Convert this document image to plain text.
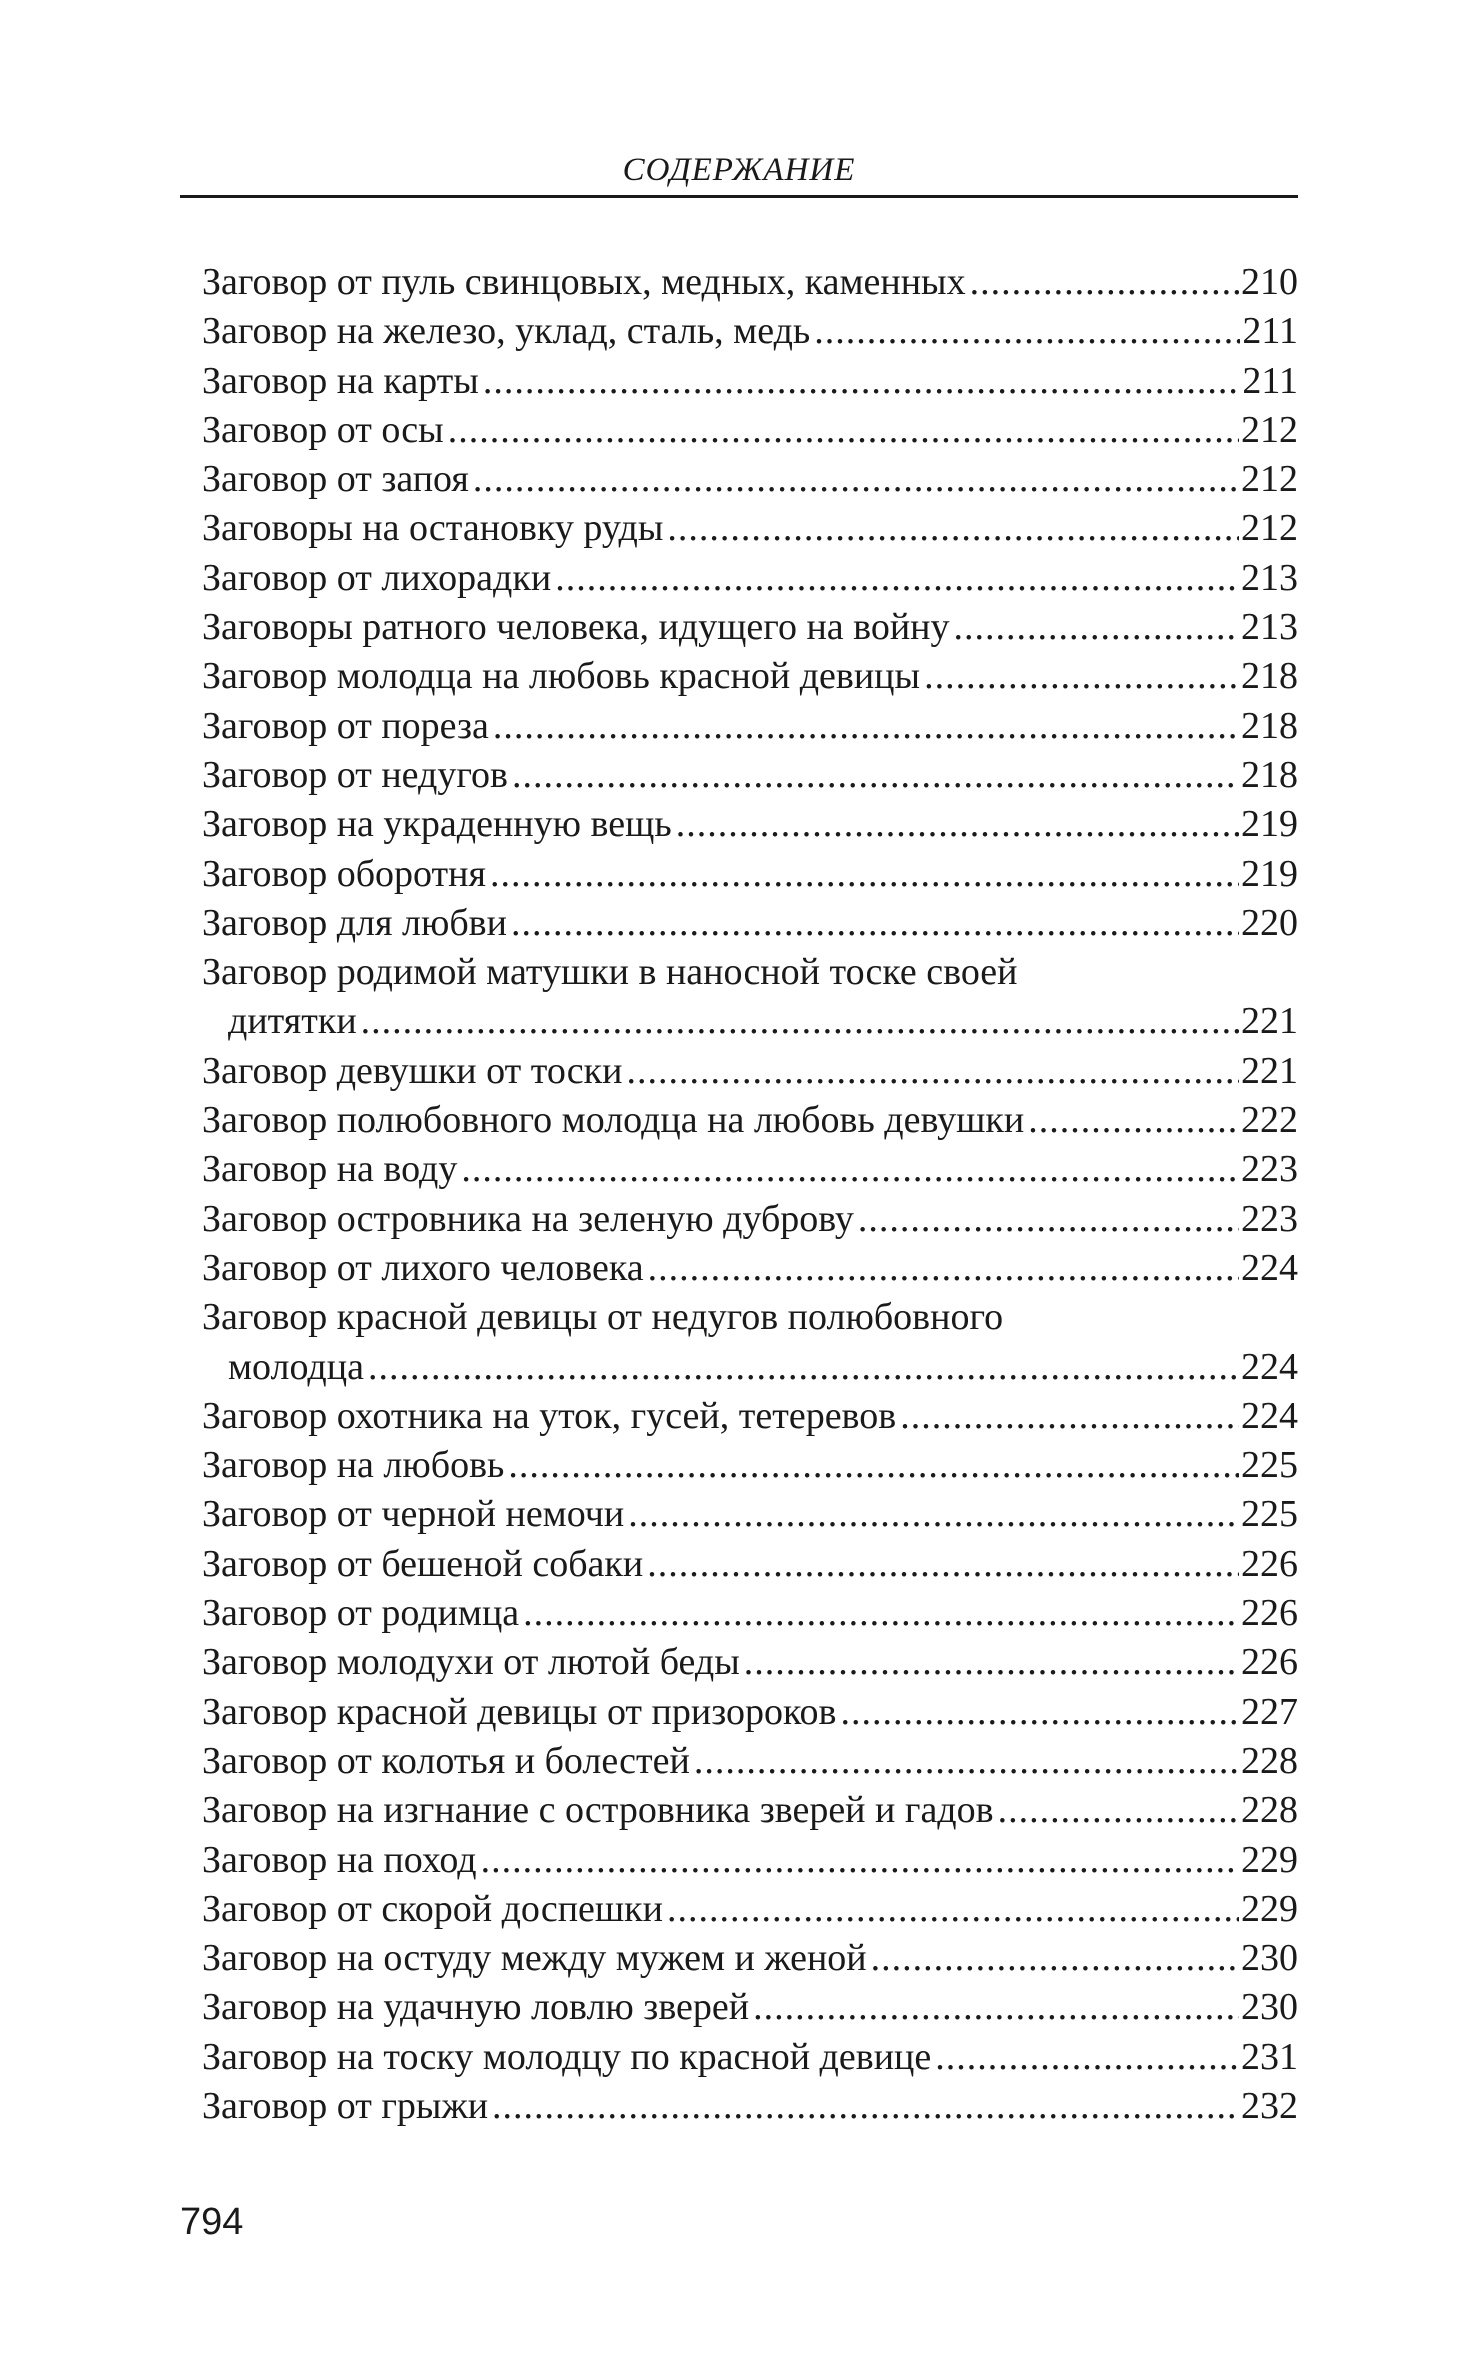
СОДЕРЖАНИЕ
Заговор от пуль свинцовых, медных, каменных .....	210
Заговор на железо, уклад, сталь, медь .....	211
Заговор на карты .....	211
Заговор от осы .....	212
Заговор от запоя .....	212
Заговоры на остановку руды .....	212
Заговор от лихорадки .....	213
Заговоры ратного человека, идущего на войну .....	213
Заговор молодца на любовь красной девицы .....	218
Заговор от пореза .....	218
Заговор от недугов .....	218
Заговор на украденную вещь .....	219
Заговор оборотня .....	219
Заговор для любви .....	220
Заговор родимой матушки в наносной тоске своей
дитятки .....	221
Заговор девушки от тоски .....	221
Заговор полюбовного молодца на любовь девушки .....	222
Заговор на воду .....	223
Заговор островника на зеленую дуброву .....	223
Заговор от лихого человека .....	224
Заговор красной девицы от недугов полюбовного
молодца .....	224
Заговор охотника на уток, гусей, тетеревов .....	224
Заговор на любовь .....	225
Заговор от черной немочи .....	225
Заговор от бешеной собаки .....	226
Заговор от родимца .....	226
Заговор молодухи от лютой беды .....	226
Заговор красной девицы от призороков .....	227
Заговор от колотья и болестей .....	228
Заговор на изгнание с островника зверей и гадов .....	228
Заговор на поход .....	229
Заговор от скорой доспешки .....	229
Заговор на остуду между мужем и женой .....	230
Заговор на удачную ловлю зверей .....	230
Заговор на тоску молодцу по красной девице .....	231
Заговор от грыжи .....	232
794
